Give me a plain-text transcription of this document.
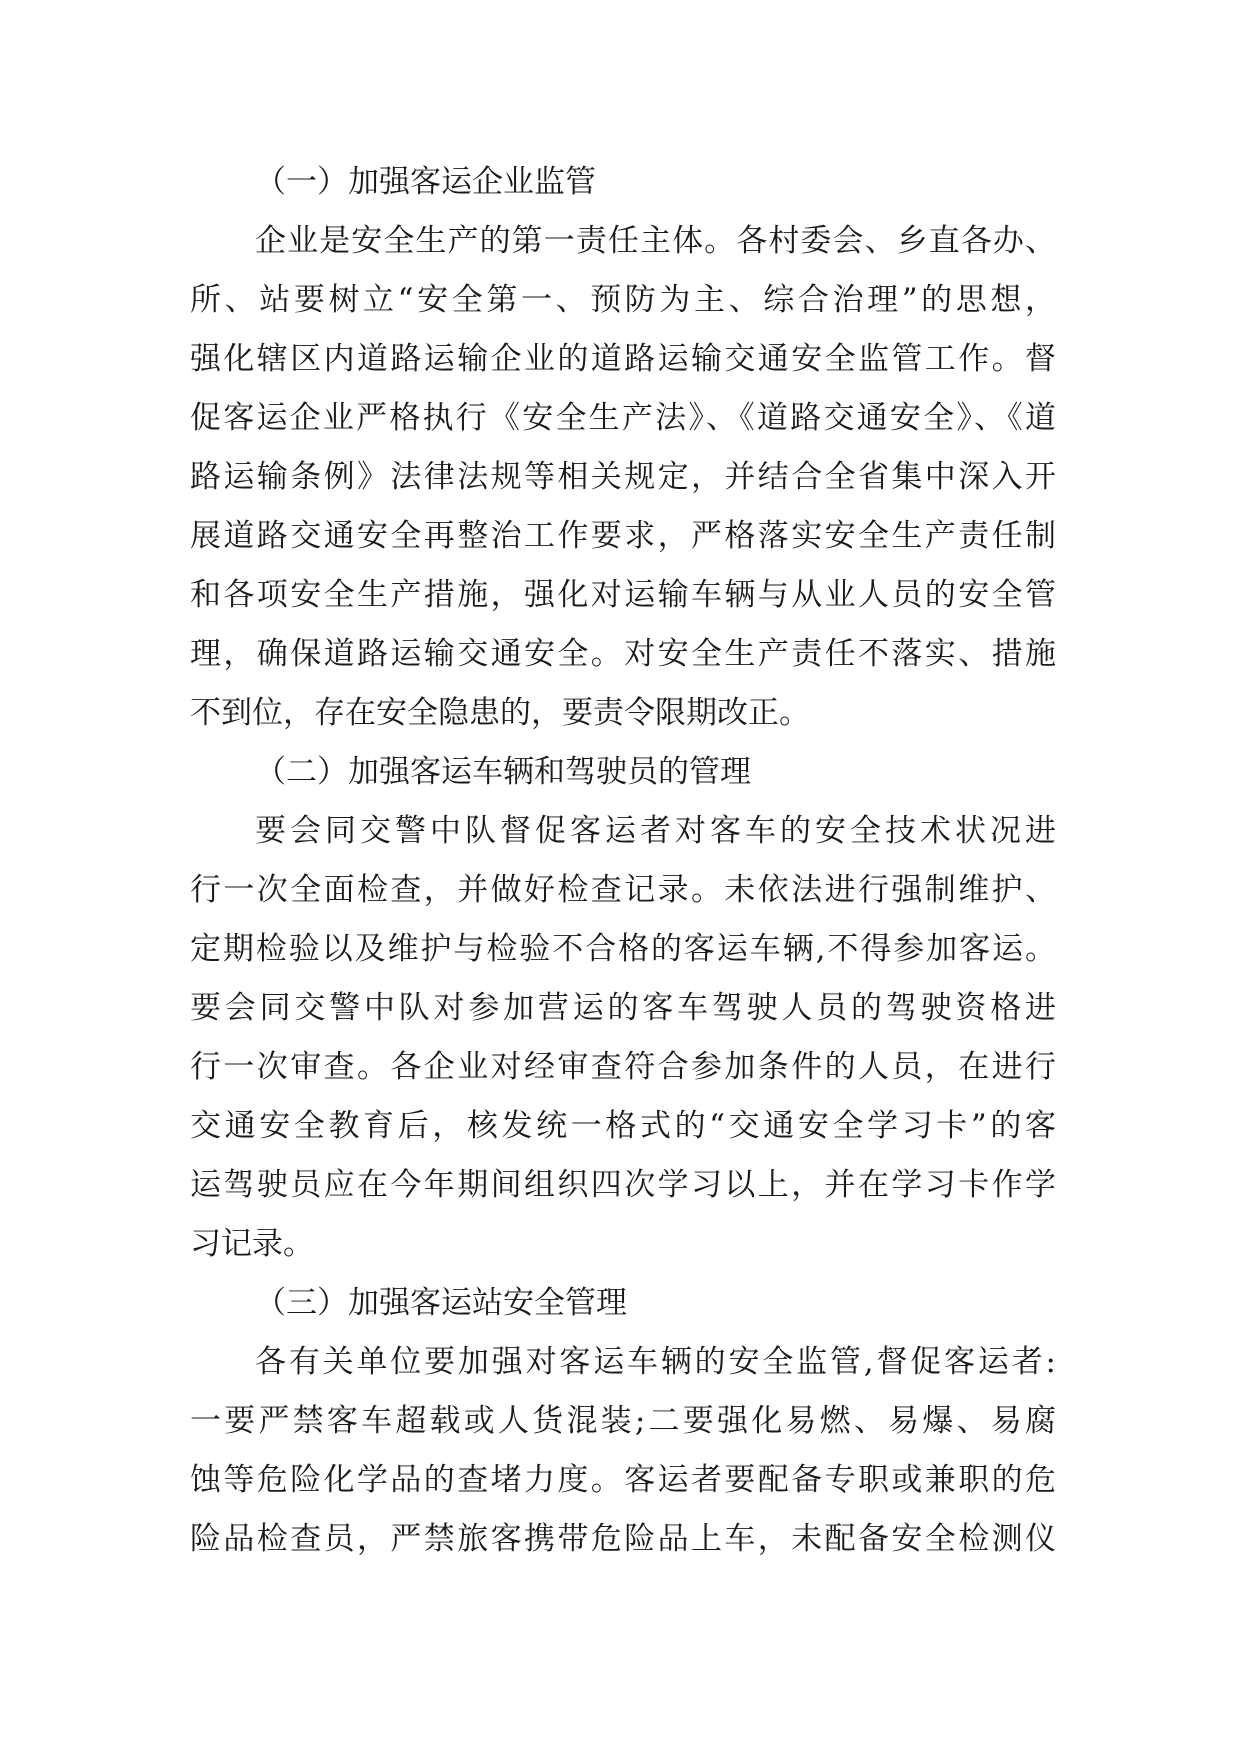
（一）加强客运企业监管
企业是安全生产的第一责任主体。各村委会、乡直各办、
所、站要树立“安全第一、预防为主、综合治理”的思想，
强化辖区内道路运输企业的道路运输交通安全监管工作。督
促客运企业严格执行《安全生产法》、《道路交通安全》、《道
路运输条例》法律法规等相关规定，并结合全省集中深入开
展道路交通安全再整治工作要求，严格落实安全生产责任制
和各项安全生产措施，强化对运输车辆与从业人员的安全管
理，确保道路运输交通安全。对安全生产责任不落实、措施
不到位，存在安全隐患的，要责令限期改正。
（二）加强客运车辆和驾驶员的管理
要会同交警中队督促客运者对客车的安全技术状况进
行一次全面检查，并做好检查记录。未依法进行强制维护、
定期检验以及维护与检验不合格的客运车辆,不得参加客运。
要会同交警中队对参加营运的客车驾驶人员的驾驶资格进
行一次审查。各企业对经审查符合参加条件的人员，在进行
交通安全教育后，核发统一格式的“交通安全学习卡”的客
运驾驶员应在今年期间组织四次学习以上，并在学习卡作学
习记录。
（三）加强客运站安全管理
各有关单位要加强对客运车辆的安全监管,督促客运者:
一要严禁客车超载或人货混装;二要强化易燃、易爆、易腐
蚀等危险化学品的查堵力度。客运者要配备专职或兼职的危
险品检查员，严禁旅客携带危险品上车，未配备安全检测仪
